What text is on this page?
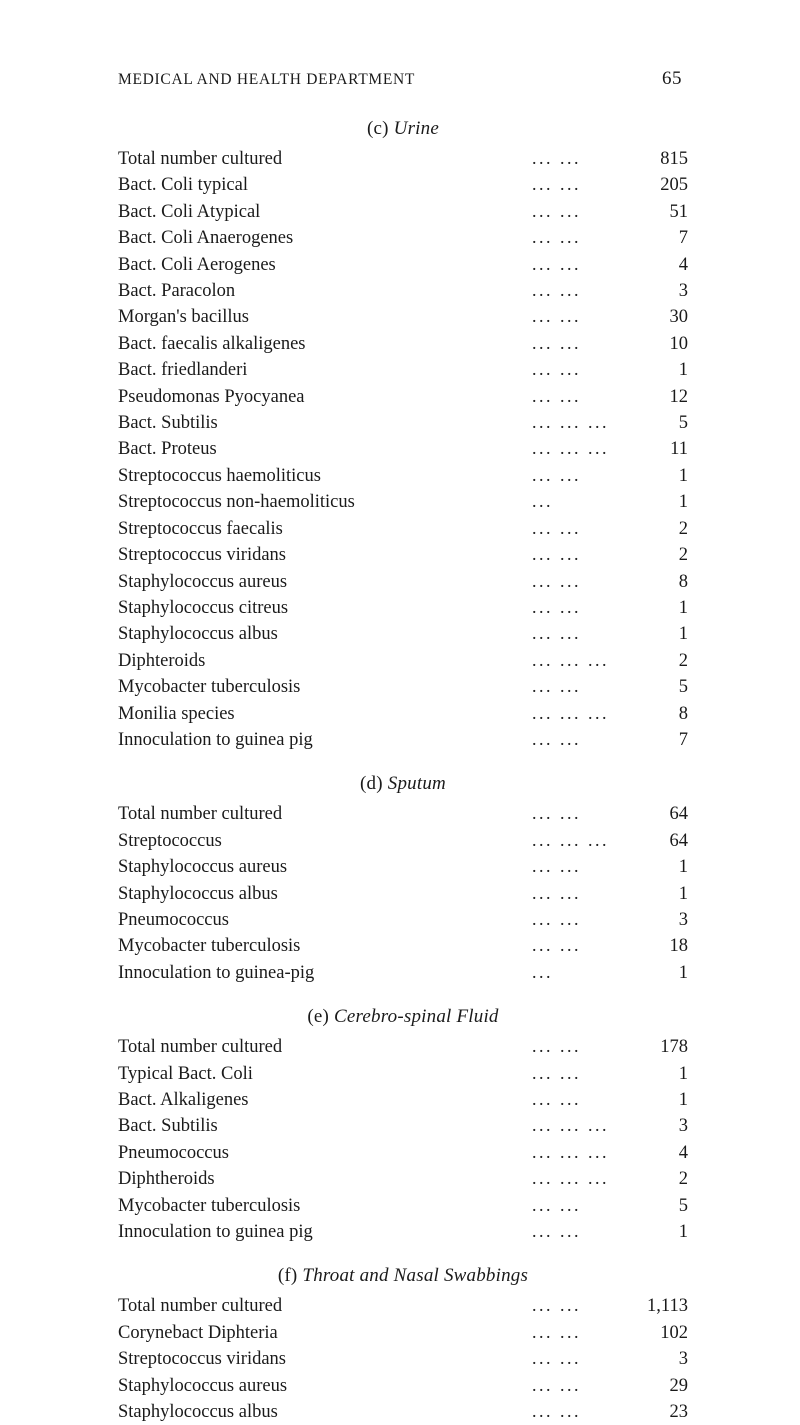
MEDICAL AND HEALTH DEPARTMENT	65
(c) Urine
Total number cultured	... ...	815
Bact. Coli typical	... ...	205
Bact. Coli Atypical	... ...	51
Bact. Coli Anaerogenes	... ...	7
Bact. Coli Aerogenes	... ...	4
Bact. Paracolon	... ...	3
Morgan's bacillus	... ...	30
Bact. faecalis alkaligenes	... ...	10
Bact. friedlanderi	... ...	1
Pseudomonas Pyocyanea	... ...	12
Bact. Subtilis	... ... ...	5
Bact. Proteus	... ... ...	11
Streptococcus haemoliticus	... ...	1
Streptococcus non-haemoliticus	...	1
Streptococcus faecalis	... ...	2
Streptococcus viridans	... ...	2
Staphylococcus aureus	... ...	8
Staphylococcus citreus	... ...	1
Staphylococcus albus	... ...	1
Diphteroids	... ... ...	2
Mycobacter tuberculosis	... ...	5
Monilia species	... ... ...	8
Innoculation to guinea pig	... ...	7
(d) Sputum
Total number cultured	... ...	64
Streptococcus	... ... ...	64
Staphylococcus aureus	... ...	1
Staphylococcus albus	... ...	1
Pneumococcus	... ...	3
Mycobacter tuberculosis	... ...	18
Innoculation to guinea-pig	...	1
(e) Cerebro-spinal Fluid
Total number cultured	... ...	178
Typical Bact. Coli	... ...	1
Bact. Alkaligenes	... ...	1
Bact. Subtilis	... ... ...	3
Pneumococcus	... ... ...	4
Diphtheroids	... ... ...	2
Mycobacter tuberculosis	... ...	5
Innoculation to guinea pig	... ...	1
(f) Throat and Nasal Swabbings
Total number cultured	... ...	1,113
Corynebact Diphteria	... ...	102
Streptococcus viridans	... ...	3
Staphylococcus aureus	... ...	29
Staphylococcus albus	... ...	23
